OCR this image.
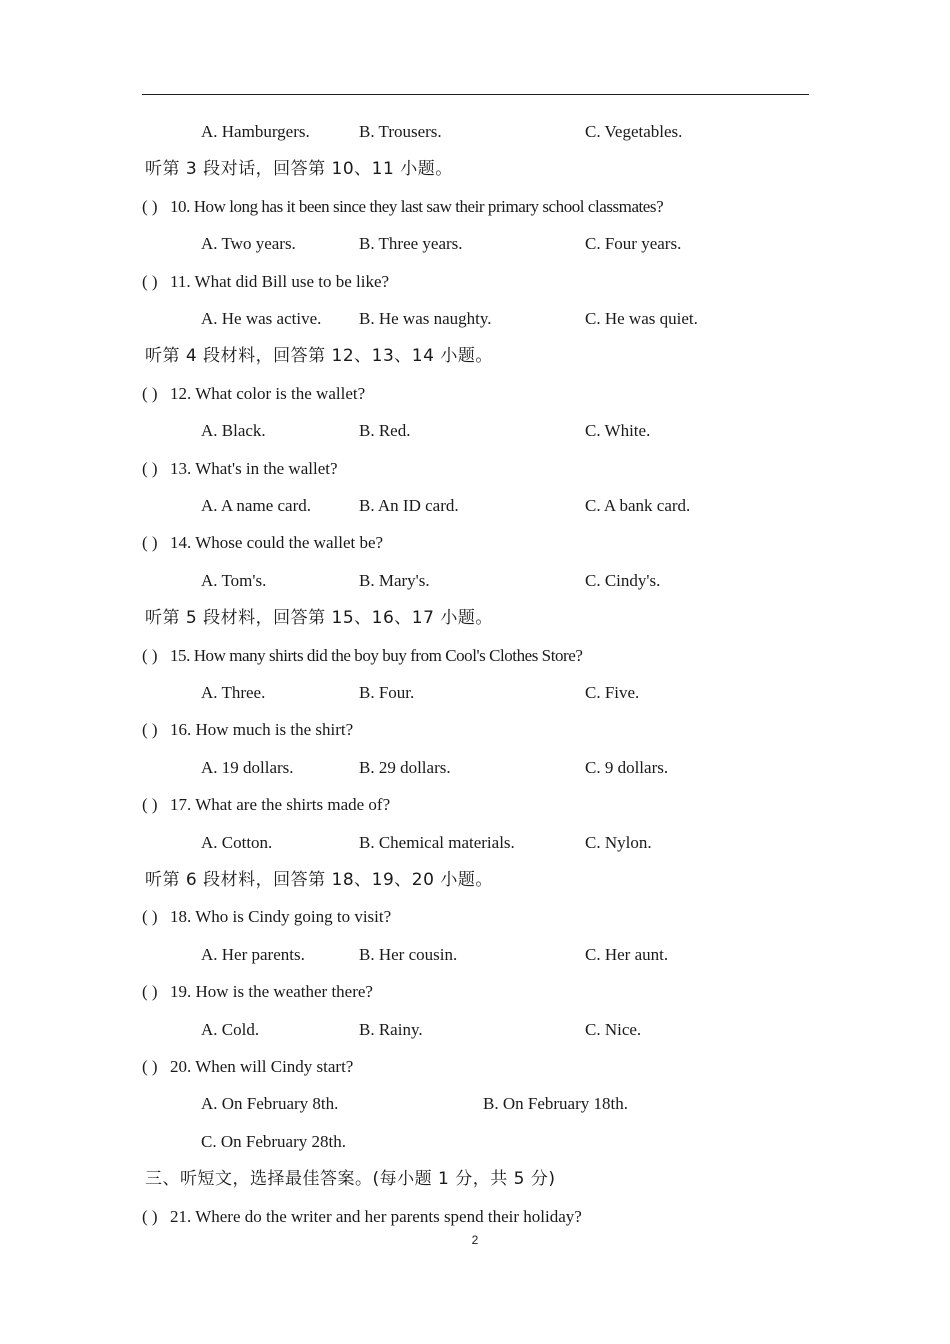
A. Hamburgers.	B. Trousers.	C. Vegetables.
听第 3 段对话，回答第 10、11 小题。
( ) 10. How long has it been since they last saw their primary school classmates?
A. Two years.	B. Three years.	C. Four years.
( ) 11. What did Bill use to be like?
A. He was active. B. He was naughty.	C. He was quiet.
听第 4 段材料，回答第 12、13、14 小题。
( ) 12. What color is the wallet?
A. Black.	B. Red.	C. White.
( ) 13. What's in the wallet?
A. A name card.	B. An ID card.	C. A bank card.
( ) 14. Whose could the wallet be?
A. Tom's.	B. Mary's.	C. Cindy's.
听第 5 段材料，回答第 15、16、17 小题。
( ) 15. How many shirts did the boy buy from Cool's Clothes Store?
A. Three.	B. Four.	C. Five.
( ) 16. How much is the shirt?
A. 19 dollars.	B. 29 dollars.	C. 9 dollars.
( ) 17. What are the shirts made of?
A. Cotton.	B. Chemical materials.	C. Nylon.
听第 6 段材料，回答第 18、19、20 小题。
( ) 18. Who is Cindy going to visit?
A. Her parents.	B. Her cousin.	C. Her aunt.
( ) 19. How is the weather there?
A. Cold.	B. Rainy.	C. Nice.
( ) 20. When will Cindy start?
A. On February 8th.	B. On February 18th.
C. On February 28th.
三、听短文，选择最佳答案。(每小题 1 分，共 5 分)
( ) 21. Where do the writer and her parents spend their holiday?
2
